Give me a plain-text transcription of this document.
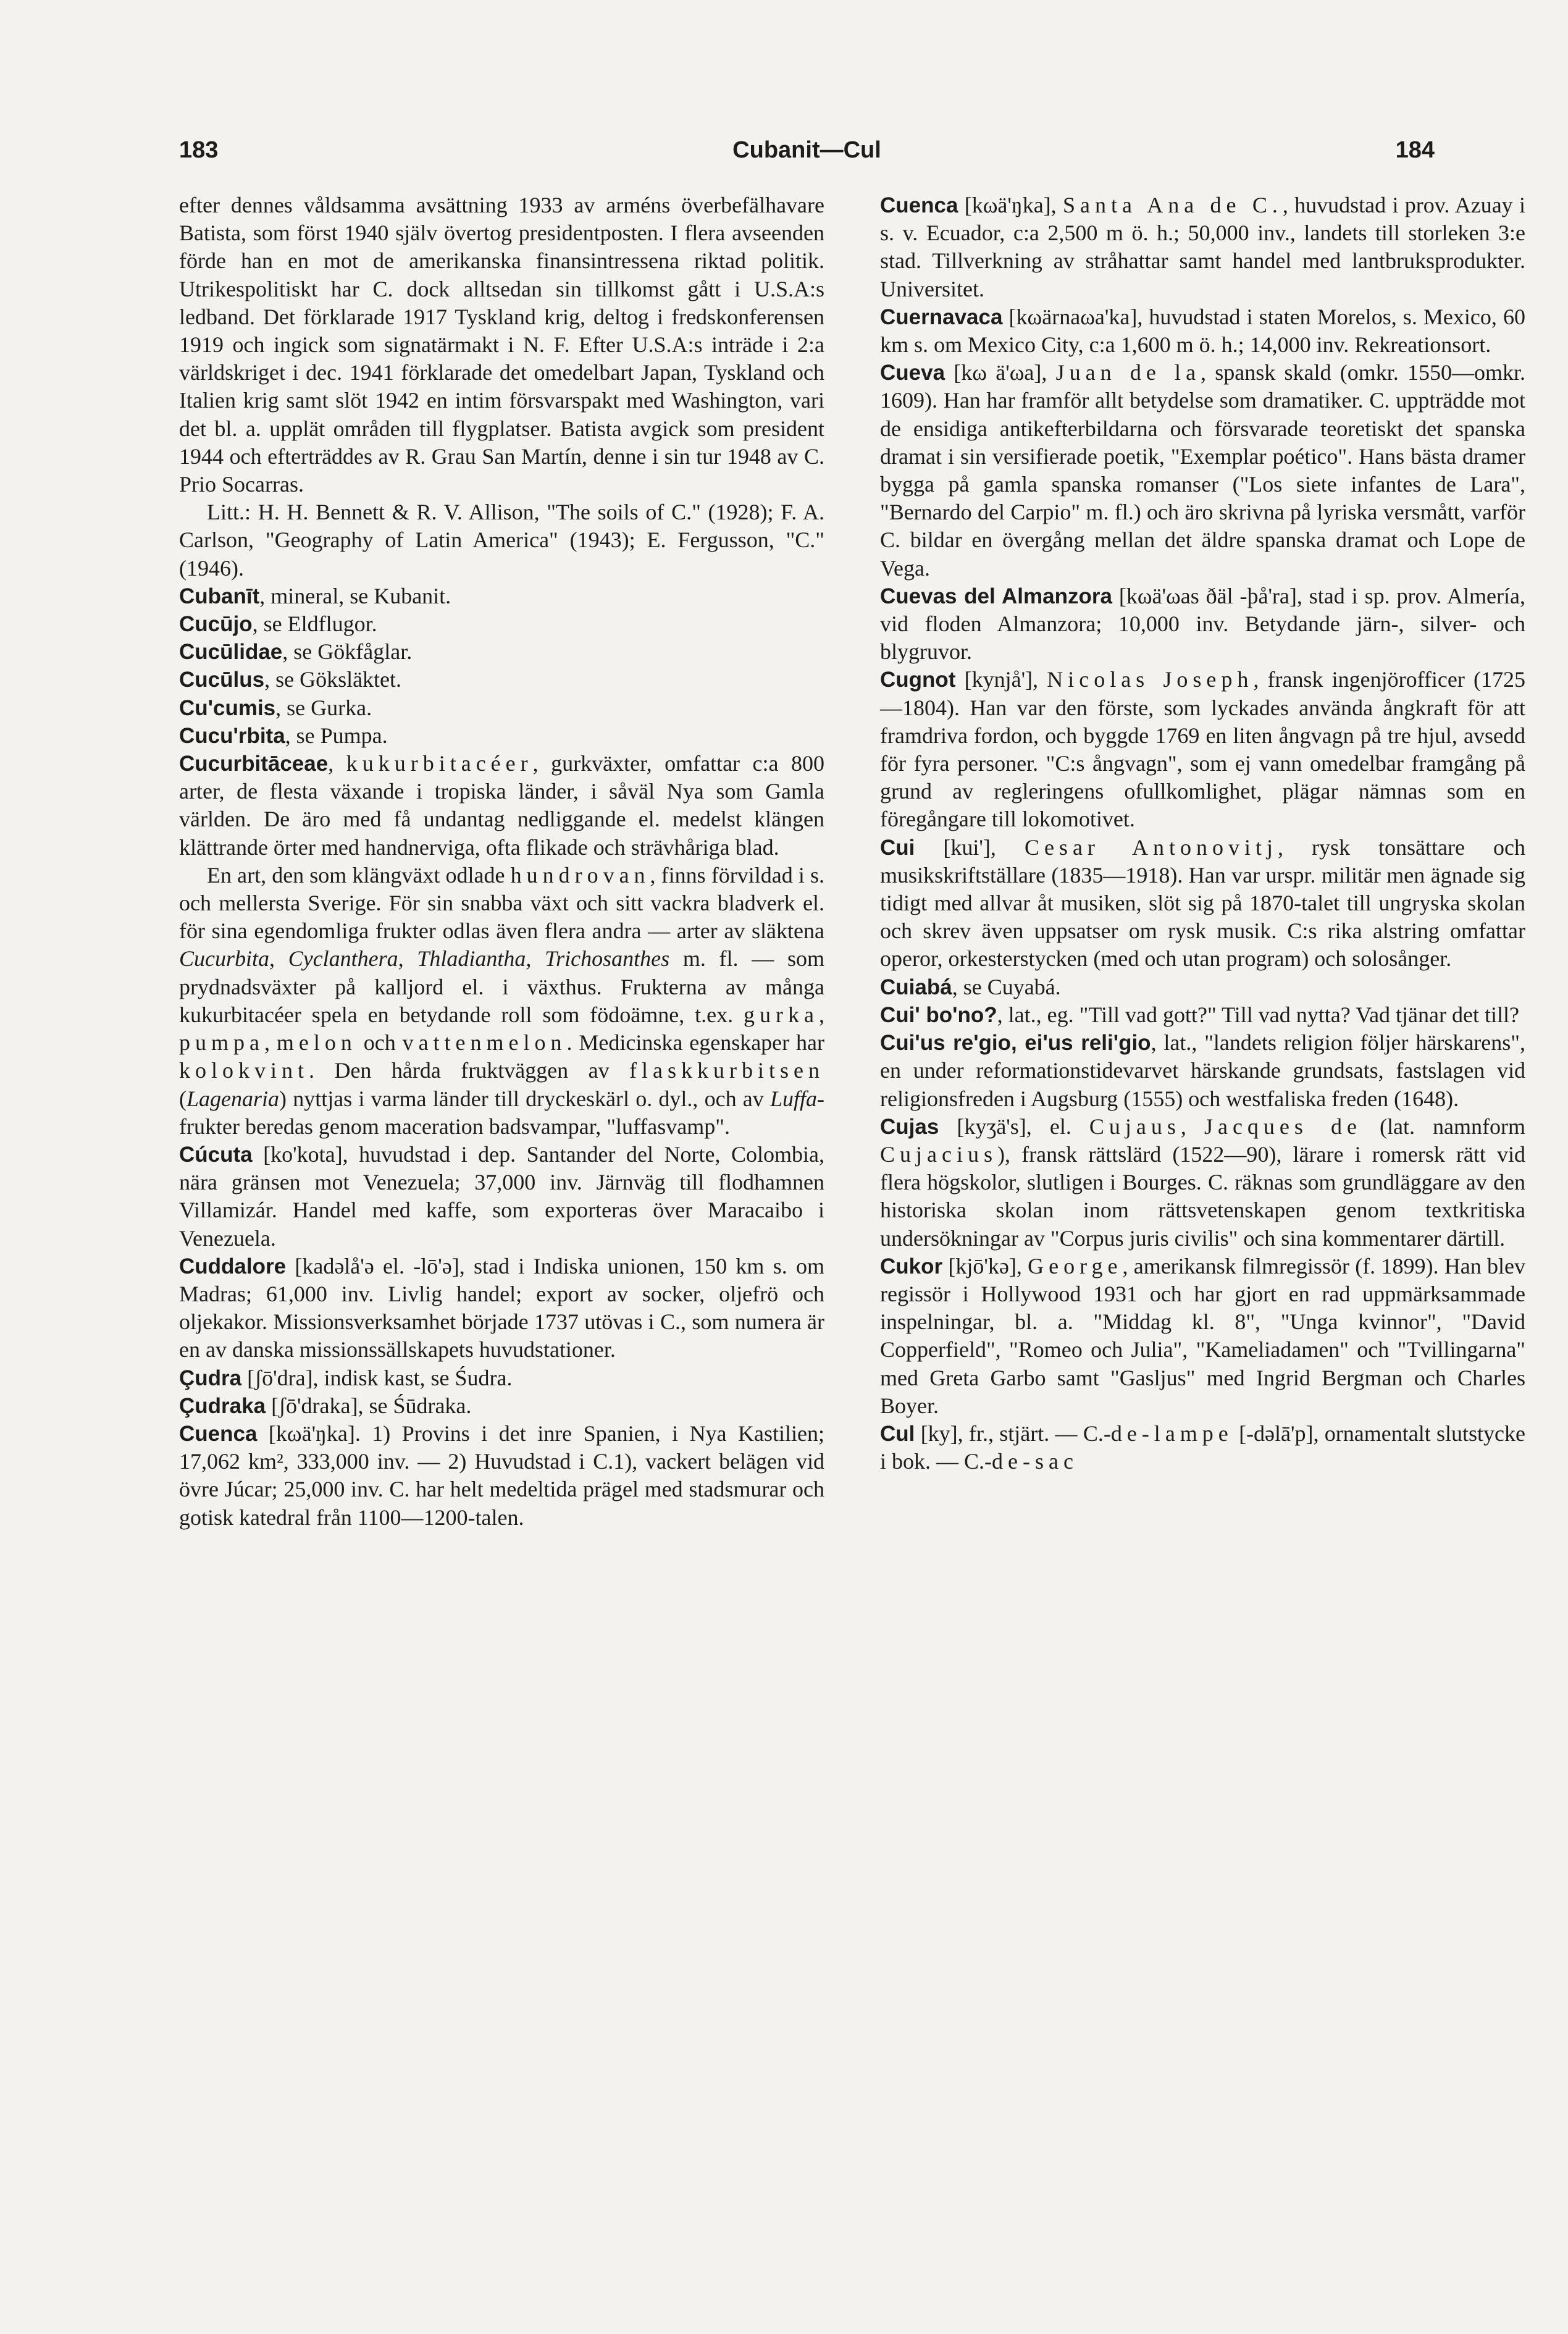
183	Cubanit—Cul	184

efter dennes våldsamma avsättning 1933 av arméns överbefälhavare Batista, som först 1940 själv övertog presidentposten. I flera avseenden förde han en mot de amerikanska finansintressena riktad politik. Utrikespolitiskt har C. dock alltsedan sin tillkomst gått i U.S.A:s ledband. Det förklarade 1917 Tyskland krig, deltog i fredskonferensen 1919 och ingick som signatärmakt i N. F. Efter U.S.A:s inträde i 2:a världskriget i dec. 1941 förklarade det omedelbart Japan, Tyskland och Italien krig samt slöt 1942 en intim försvarspakt med Washington, vari det bl. a. upplät områden till flygplatser. Batista avgick som president 1944 och efterträddes av R. Grau San Martín, denne i sin tur 1948 av C. Prio Socarras.

Litt.: H. H. Bennett & R. V. Allison, "The soils of C." (1928); F. A. Carlson, "Geography of Latin America" (1943); E. Fergusson, "C." (1946).

Cubanīt, mineral, se Kubanit.

Cucūjo, se Eldflugor.

Cucūlidae, se Gökfåglar.

Cucūlus, se Göksläktet.

Cu'cumis, se Gurka.

Cucu'rbita, se Pumpa.

Cucurbitāceae, kukurbitacéer, gurkväxter, omfattar c:a 800 arter, de flesta växande i tropiska länder, i såväl Nya som Gamla världen. De äro med få undantag nedliggande el. medelst klängen klättrande örter med handnerviga, ofta flikade och strävhåriga blad.

En art, den som klängväxt odlade hundrovan, finns förvildad i s. och mellersta Sverige. För sin snabba växt och sitt vackra bladverk el. för sina egendomliga frukter odlas även flera andra — arter av släktena Cucurbita, Cyclanthera, Thladiantha, Trichosanthes m. fl. — som prydnadsväxter på kalljord el. i växthus. Frukterna av många kukurbitacéer spela en betydande roll som födoämne, t.ex. gurka, pumpa, melon och vattenmelon. Medicinska egenskaper har kolokvint. Den hårda fruktväggen av flaskkurbitsen (Lagenaria) nyttjas i varma länder till dryckeskärl o. dyl., och av Luffa-frukter beredas genom maceration badsvampar, "luffasvamp".

Cúcuta [ko'kota], huvudstad i dep. Santander del Norte, Colombia, nära gränsen mot Venezuela; 37,000 inv. Järnväg till flodhamnen Villamizár. Handel med kaffe, som exporteras över Maracaibo i Venezuela.

Cuddalore [kadəlå'ə el. -lō'ə], stad i Indiska unionen, 150 km s. om Madras; 61,000 inv. Livlig handel; export av socker, oljefrö och oljekakor. Missionsverksamhet började 1737 utövas i C., som numera är en av danska missionssällskapets huvudstationer.

Çudra [ʃō'dra], indisk kast, se Śudra.

Çudraka [ʃō'draka], se Śūdraka.

Cuenca [kωä'ŋka]. 1) Provins i det inre Spanien, i Nya Kastilien; 17,062 km², 333,000 inv. — 2) Huvudstad i C.1), vackert belägen vid övre Júcar; 25,000 inv. C. har helt medeltida prägel med stadsmurar och gotisk katedral från 1100—1200-talen.

Cuenca [kωä'ŋka], Santa Ana de C., huvudstad i prov. Azuay i s. v. Ecuador, c:a 2,500 m ö. h.; 50,000 inv., landets till storleken 3:e stad. Tillverkning av stråhattar samt handel med lantbruksprodukter. Universitet.

Cuernavaca [kωärnaωa'ka], huvudstad i staten Morelos, s. Mexico, 60 km s. om Mexico City, c:a 1,600 m ö. h.; 14,000 inv. Rekreationsort.

Cueva [kω ä'ωa], Juan de la, spansk skald (omkr. 1550—omkr. 1609). Han har framför allt betydelse som dramatiker. C. uppträdde mot de ensidiga antikefterbildarna och försvarade teoretiskt det spanska dramat i sin versifierade poetik, "Exemplar poético". Hans bästa dramer bygga på gamla spanska romanser ("Los siete infantes de Lara", "Bernardo del Carpio" m. fl.) och äro skrivna på lyriska versmått, varför C. bildar en övergång mellan det äldre spanska dramat och Lope de Vega.

Cuevas del Almanzora [kωä'ωas ðäl -þå'ra], stad i sp. prov. Almería, vid floden Almanzora; 10,000 inv. Betydande järn-, silver- och blygruvor.

Cugnot [kynjå'], Nicolas Joseph, fransk ingenjörofficer (1725—1804). Han var den förste, som lyckades använda ångkraft för att framdriva fordon, och byggde 1769 en liten ångvagn på tre hjul, avsedd för fyra personer. "C:s ångvagn", som ej vann omedelbar framgång på grund av regleringens ofullkomlighet, plägar nämnas som en föregångare till lokomotivet.

Cui [kui'], Cesar Antonovitj, rysk tonsättare och musikskriftställare (1835—1918). Han var urspr. militär men ägnade sig tidigt med allvar åt musiken, slöt sig på 1870-talet till ungryska skolan och skrev även uppsatser om rysk musik. C:s rika alstring omfattar operor, orkesterstycken (med och utan program) och solosånger.

Cuiabá, se Cuyabá.

Cui' bo'no?, lat., eg. "Till vad gott?" Till vad nytta? Vad tjänar det till?

Cui'us re'gio, ei'us reli'gio, lat., "landets religion följer härskarens", en under reformationstidevarvet härskande grundsats, fastslagen vid religionsfreden i Augsburg (1555) och westfaliska freden (1648).

Cujas [kyʒä's], el. Cujaus, Jacques de (lat. namnform Cujacius), fransk rättslärd (1522—90), lärare i romersk rätt vid flera högskolor, slutligen i Bourges. C. räknas som grundläggare av den historiska skolan inom rättsvetenskapen genom textkritiska undersökningar av "Corpus juris civilis" och sina kommentarer därtill.

Cukor [kjō'kə], George, amerikansk filmregissör (f. 1899). Han blev regissör i Hollywood 1931 och har gjort en rad uppmärksammade inspelningar, bl. a. "Middag kl. 8", "Unga kvinnor", "David Copperfield", "Romeo och Julia", "Kameliadamen" och "Tvillingarna" med Greta Garbo samt "Gasljus" med Ingrid Bergman och Charles Boyer.

Cul [ky], fr., stjärt. — C.-de-lampe [-dəlā'p], ornamentalt slutstycke i bok. — C.-de-sac
